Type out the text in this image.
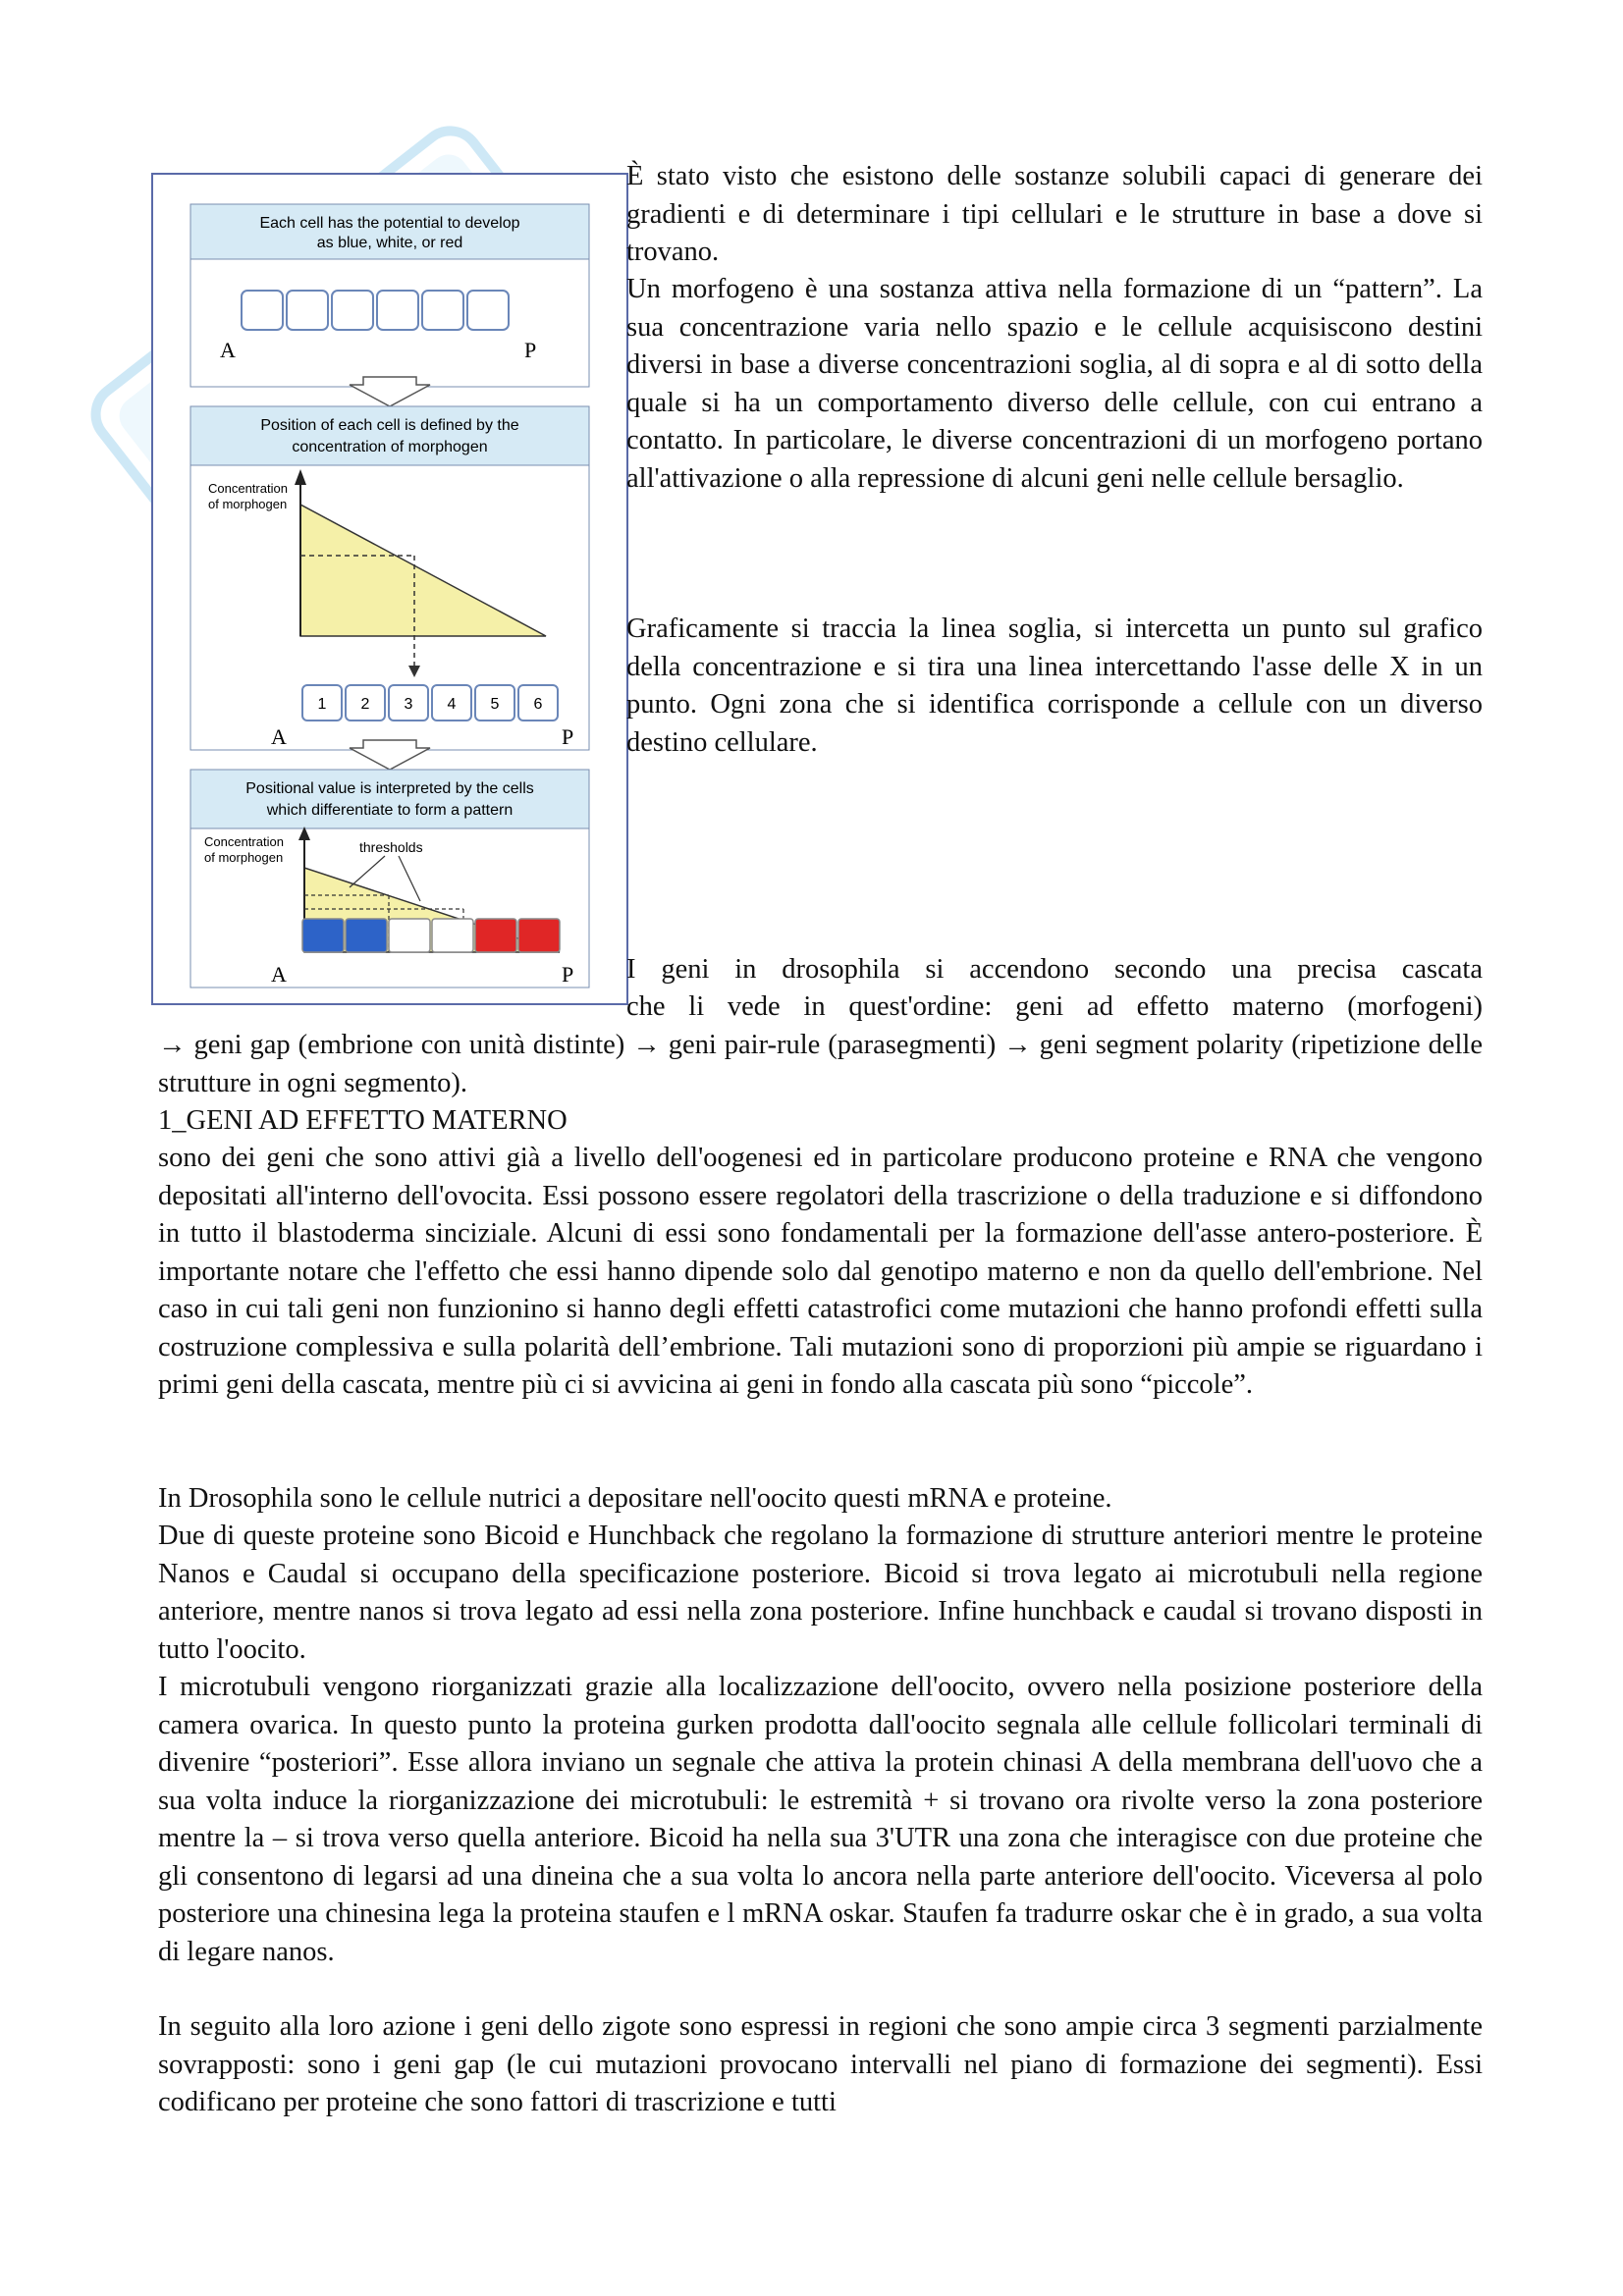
Each cell has the potential to develop
as blue, white, or red
A	P
Position of each cell is defined by the
concentration of morphogen
Concentration
of morphogen
1 2 3 4 5 6
A	P
Positional value is interpreted by the cells
which differentiate to form a pattern
Concentration
of morphogen
thresholds
A	P

È stato visto che esistono delle sostanze solubili capaci di generare dei gradienti e di determinare i tipi cellulari e le strutture in base a dove si trovano.

Un morfogeno è una sostanza attiva nella formazione di un “pattern”. La sua concentrazione varia nello spazio e le cellule acquisiscono destini diversi in base a diverse concentrazioni soglia, al di sopra e al di sotto della quale si ha un comportamento diverso delle cellule, con cui entrano a contatto. In particolare, le diverse concentrazioni di un morfogeno portano all'attivazione o alla repressione di alcuni geni nelle cellule bersaglio.

Graficamente si traccia la linea soglia, si intercetta un punto sul grafico della concentrazione e si tira una linea intercettando l'asse delle X in un punto. Ogni zona che si identifica corrisponde a cellule con un diverso destino cellulare.

I geni in drosophila si accendono secondo una precisa cascata

che li vede in quest'ordine: geni ad effetto materno (morfogeni)

→ geni gap (embrione con unità distinte) → geni pair-rule (parasegmenti) → geni segment polarity (ripetizione delle strutture in ogni segmento).

1_GENI AD EFFETTO MATERNO

sono dei geni che sono attivi già a livello dell'oogenesi ed in particolare producono proteine e RNA che vengono depositati all'interno dell'ovocita. Essi possono essere regolatori della trascrizione o della traduzione e si diffondono in tutto il blastoderma sinciziale. Alcuni di essi sono fondamentali per la formazione dell'asse antero-posteriore. È importante notare che l'effetto che essi hanno dipende solo dal genotipo materno e non da quello dell'embrione. Nel caso in cui tali geni non funzionino si hanno degli effetti catastrofici come mutazioni che hanno profondi effetti sulla costruzione complessiva e sulla polarità dell’embrione. Tali mutazioni sono di proporzioni più ampie se riguardano i primi geni della cascata, mentre più ci si avvicina ai geni in fondo alla cascata più sono “piccole”.

In Drosophila sono le cellule nutrici a depositare nell'oocito questi mRNA e proteine.

Due di queste proteine sono Bicoid e Hunchback che regolano la formazione di strutture anteriori mentre le proteine Nanos e Caudal si occupano della specificazione posteriore. Bicoid si trova legato ai microtubuli nella regione anteriore, mentre nanos si trova legato ad essi nella zona posteriore. Infine hunchback e caudal si trovano disposti in tutto l'oocito.

I microtubuli vengono riorganizzati grazie alla localizzazione dell'oocito, ovvero nella posizione posteriore della camera ovarica. In questo punto la proteina gurken prodotta dall'oocito segnala alle cellule follicolari terminali di divenire “posteriori”. Esse allora inviano un segnale che attiva la protein chinasi A della membrana dell'uovo che a sua volta induce la riorganizzazione dei microtubuli: le estremità + si trovano ora rivolte verso la zona posteriore mentre la – si trova verso quella anteriore. Bicoid ha nella sua 3'UTR una zona che interagisce con due proteine che gli consentono di legarsi ad una dineina che a sua volta lo ancora nella parte anteriore dell'oocito. Viceversa al polo posteriore una chinesina lega la proteina staufen e l mRNA oskar. Staufen fa tradurre oskar che è in grado, a sua volta di legare nanos.

In seguito alla loro azione i geni dello zigote sono espressi in regioni che sono ampie circa 3 segmenti parzialmente sovrapposti: sono i geni gap (le cui mutazioni provocano intervalli nel piano di formazione dei segmenti). Essi codificano per proteine che sono fattori di trascrizione e tutti
